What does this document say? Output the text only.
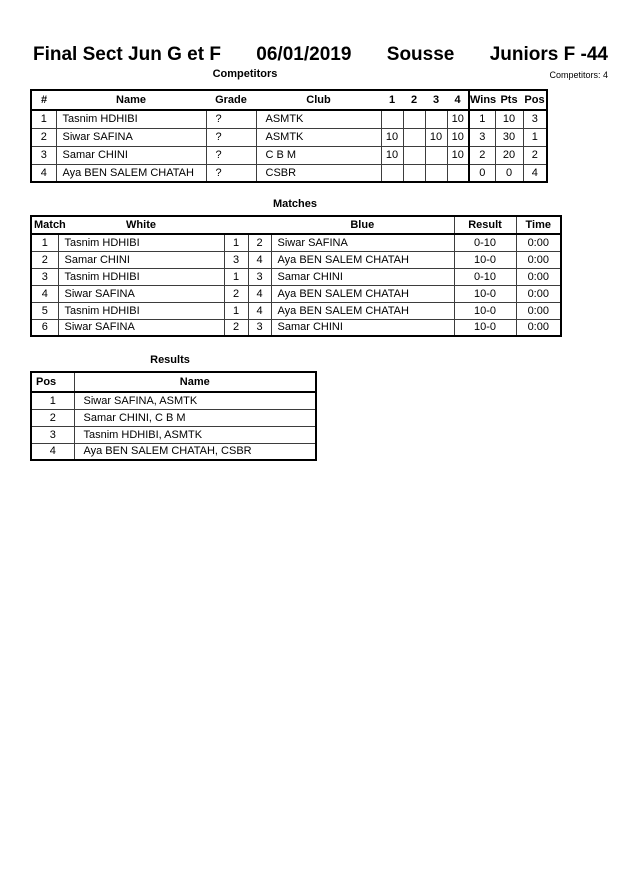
Final Sect Jun G et F 06/01/2019 Sousse Juniors F -44
Competitors	Competitors: 4
#	Name	Grade	Club	1	2	3	4	Wins	Pts	Pos
1	Tasnim HDHIBI	?	ASMTK				10	1	10	3
2	Siwar SAFINA	?	ASMTK	10		10	10	3	30	1
3	Samar CHINI	?	C B M	10			10	2	20	2
4	Aya BEN SALEM CHATAH	?	CSBR					0	0	4
Matches
Match	White			Blue	Result	Time
1	Tasnim HDHIBI	1	2	Siwar SAFINA	0-10	0:00
2	Samar CHINI	3	4	Aya BEN SALEM CHATAH	10-0	0:00
3	Tasnim HDHIBI	1	3	Samar CHINI	0-10	0:00
4	Siwar SAFINA	2	4	Aya BEN SALEM CHATAH	10-0	0:00
5	Tasnim HDHIBI	1	4	Aya BEN SALEM CHATAH	10-0	0:00
6	Siwar SAFINA	2	3	Samar CHINI	10-0	0:00
Results
Pos	Name
1	Siwar SAFINA, ASMTK
2	Samar CHINI, C B M
3	Tasnim HDHIBI, ASMTK
4	Aya BEN SALEM CHATAH, CSBR
